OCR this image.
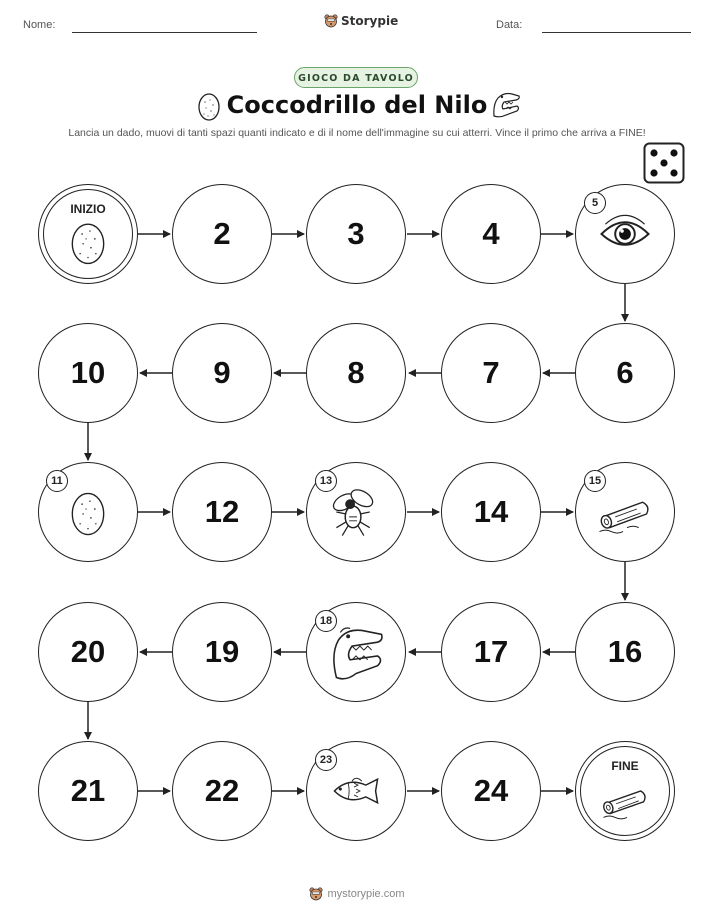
Nome:	Storypie	Data:
GIOCO DA TAVOLO
Coccodrillo del Nilo
Lancia un dado, muovi di tanti spazi quanti indicato e di il nome dell'immagine su cui atterri. Vince il primo che arriva a FINE!
INIZIO
2	3	4
5
10	9	8	7	6
11
12
13
14
15
20	19
18
17	16
21	22
23
24
FINE
mystorypie.com
